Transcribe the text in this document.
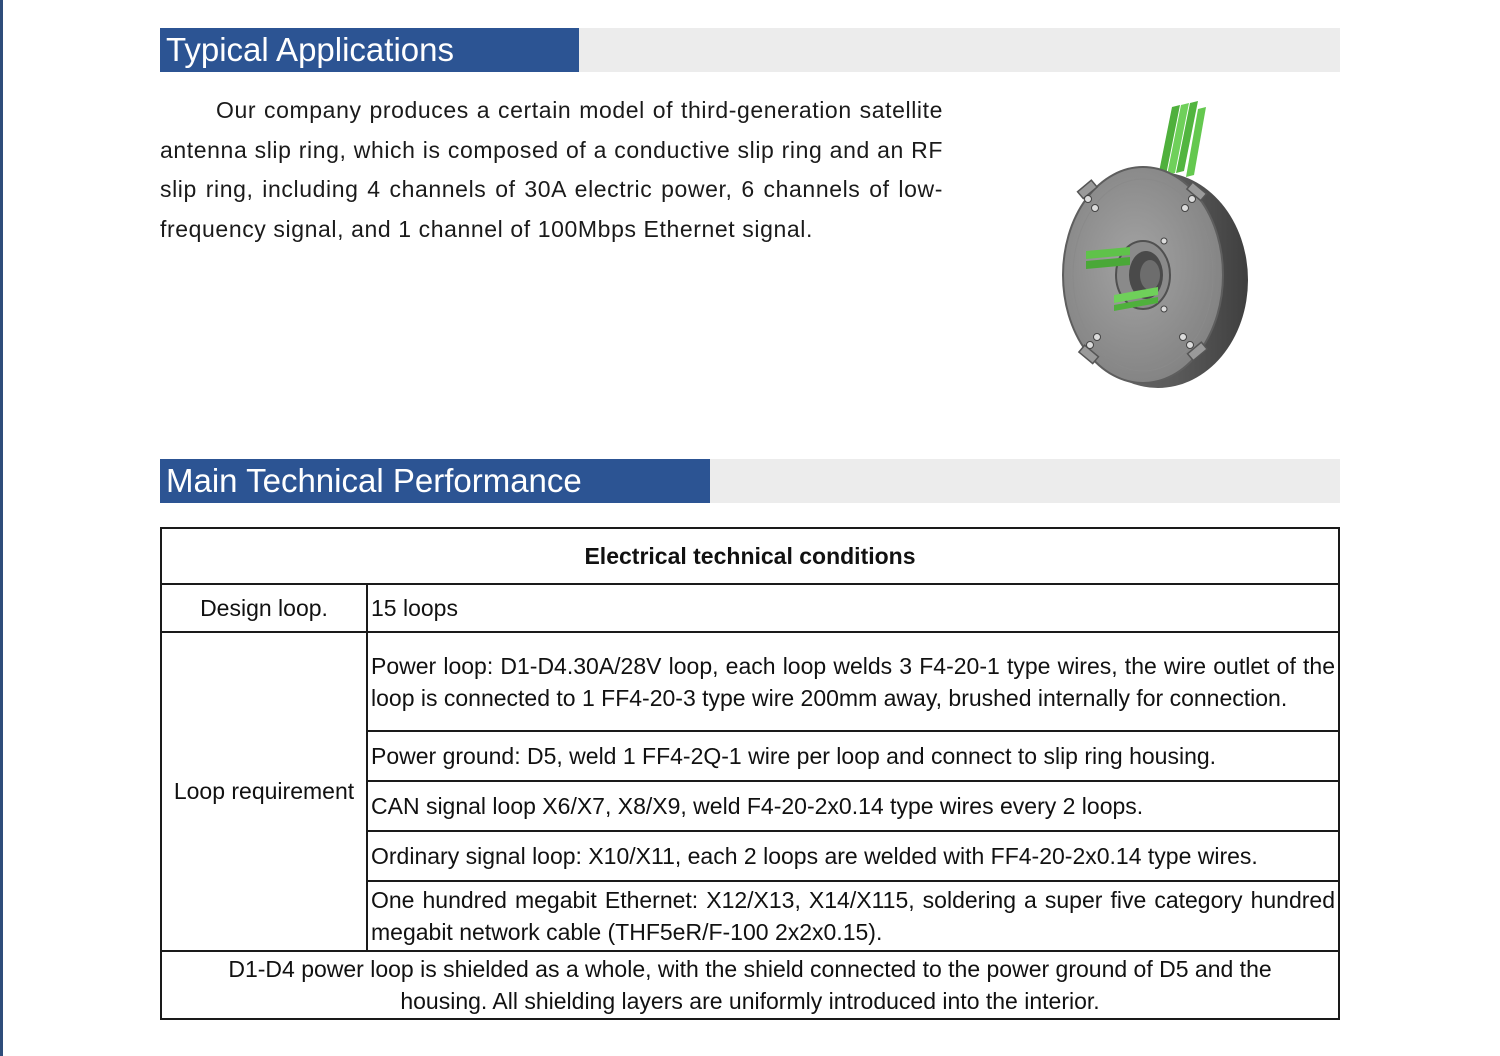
Typical Applications

Our company produces a certain model of third-generation satellite antenna slip ring, which is composed of a conductive slip ring and an RF slip ring, including 4 channels of 30A electric power, 6 channels of low-frequency signal, and 1 channel of 100Mbps Ethernet signal.

Main Technical Performance
Electrical technical conditions	
Design loop.	15 loops
Loop requirement	Power loop: D1-D4.30A/28V loop, each loop welds 3 F4-20-1 type wires, the wire outlet of the loop is connected to 1 FF4-20-3 type wire 200mm away, brushed internally for connection.
	Power ground: D5, weld 1 FF4-2Q-1 wire per loop and connect to slip ring housing.
	CAN signal loop X6/X7, X8/X9, weld F4-20-2x0.14 type wires every 2 loops.
	Ordinary signal loop: X10/X11, each 2 loops are welded with FF4-20-2x0.14 type wires.
	One hundred megabit Ethernet: X12/X13, X14/X115, soldering a super five category hundred megabit network cable (THF5eR/F-100 2x2x0.15).
D1-D4 power loop is shielded as a whole, with the shield connected to the power ground of D5 and the housing. All shielding layers are uniformly introduced into the interior.	
